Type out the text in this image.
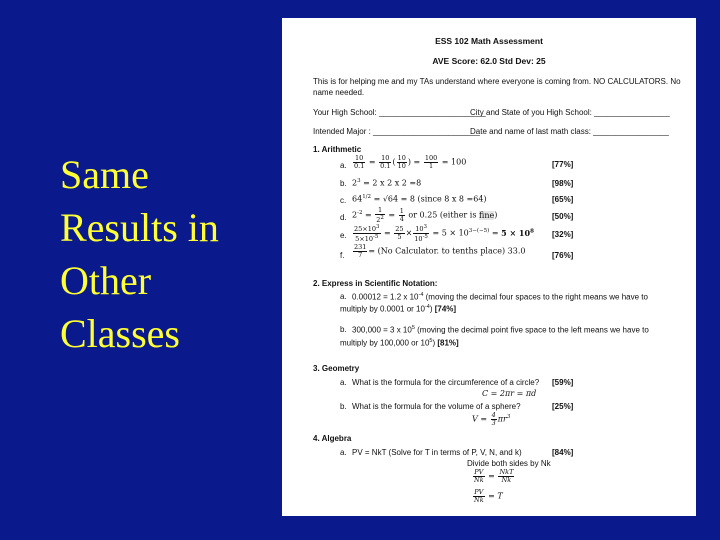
Same
Results in
Other
Classes
ESS 102 Math Assessment
AVE Score: 62.0 Std Dev: 25
This is for helping me and my TAs understand where everyone is coming from. NO CALCULATORS. No
name needed.
Your High School: ________________________
City and State of you High School: _________________
Intended Major : ________________________
Date and name of last math class: _________________
1. Arithmetic
a. $\frac{10}{0.1} = \frac{10}{0.1}$ ( $\frac{10}{10}$ ) = $\frac{100}{1} = 100$	[77%]
b. $2^3 = 2$ x 2 x 2 =8	[98%]
c. $64^{1/2} = √64 = 8$ (since 8 x 8 =64)	[65%]
d. $2^{-2} = \frac{1}{2^2} = \frac{1}{4}$ or 0.25 (either is fine)	[50%]
e. $\frac{25\times 10^3}{5\times 10^{-5}} = \frac{25}{5} \times \frac{10^3}{10^{-5}} = 5 \times 10^{3-(-5)} = 5 \times 10^8$ [32%]
f. $\frac{231}{7} = (No$ Calculator. to tenths place) 33.0	[76%]
2. Express in Scientific Notation:
a. 0.00012 = 1.2 x $10^{-4}$ (moving the decimal four spaces to the right means we have to
multiply by 0.0001 or $10^{-4}$) [74%]
b. 300,000 = 3 x $10^5$ (moving the decimal point five space to the left means we have to
multiply by 100,000 or $10^5$) [81%]
3. Geometry
a. What is the formula for the circumference of a circle? [59%]
C = 2πr = πd
b. What is the formula for the volume of a sphere?	[25%]
$V = \frac{4}{3} \pi r^3$
4. Algebra
a. PV = NkT (Solve for T in terms of P, V, N, and k)	[84%]
Divide both sides by Nk
$\frac{PV}{Nk} = \frac{\text{NkT}}{Nk}$
$\frac{PV}{Nk} = T$
